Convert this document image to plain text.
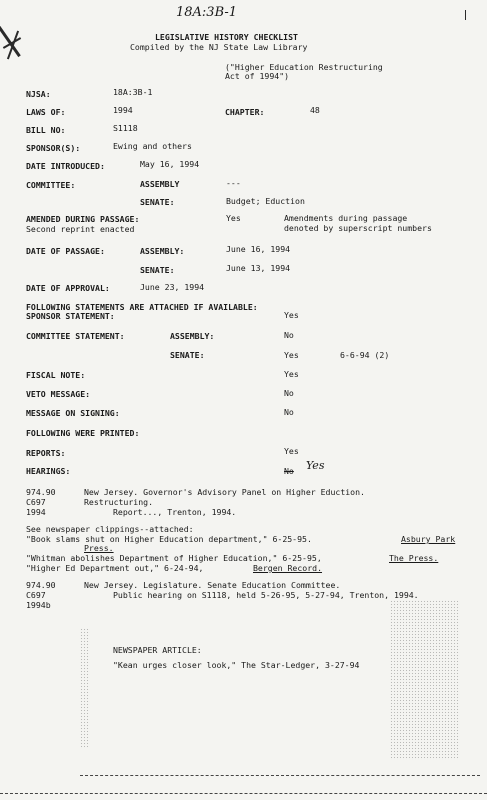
18A:3B-1
LEGISLATIVE HISTORY CHECKLIST
Compiled by the NJ State Law Library
("Higher Education Restructuring
Act of 1994")
NJSA:	18A:3B-1
LAWS OF:	1994	CHAPTER:	48
BILL NO:	S1118
SPONSOR(S):	Ewing and others
DATE INTRODUCED:	May 16, 1994
COMMITTEE:	ASSEMBLY	---
SENATE:	Budget; Eduction
AMENDED DURING PASSAGE:	Yes	Amendments during passage
denoted by superscript numbers
Second reprint enacted
DATE OF PASSAGE:	ASSEMBLY:	June 16, 1994
SENATE:	June 13, 1994
DATE OF APPROVAL:	June 23, 1994
FOLLOWING STATEMENTS ARE ATTACHED IF AVAILABLE:
SPONSOR STATEMENT:	Yes
COMMITTEE STATEMENT:	ASSEMBLY:	No
SENATE:	Yes	6-6-94 (2)
FISCAL NOTE:	Yes
VETO MESSAGE:	No
MESSAGE ON SIGNING:	No
FOLLOWING WERE PRINTED:
REPORTS:	Yes
HEARINGS:	No Yes
974.90
C697
1994
New Jersey. Governor's Advisory Panel on Higher Eduction.
Restructuring.
Report..., Trenton, 1994.
See newspaper clippings--attached:
"Book slams shut on Higher Education department," 6-25-95.	Asbury Park
Press.
"Whitman abolishes Department of Higher Education," 6-25-95,	The Press.
"Higher Ed Department out," 6-24-94,	Bergen Record.
974.90
C697
1994b
New Jersey. Legislature. Senate Education Committee.
Public hearing on S1118, held 5-26-95, 5-27-94, Trenton, 1994.
NEWSPAPER ARTICLE:
"Kean urges closer look," The Star-Ledger, 3-27-94
